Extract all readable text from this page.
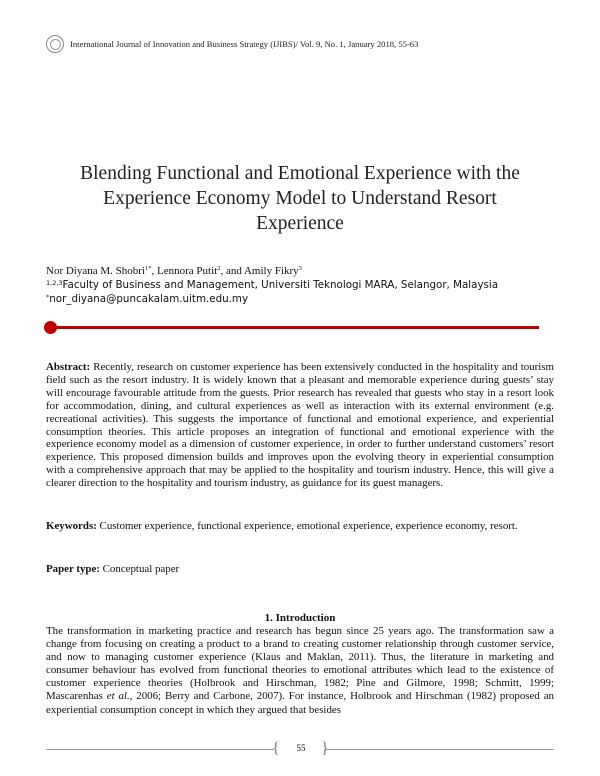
International Journal of Innovation and Business Strategy (IJIBS)/ Vol. 9, No. 1, January 2018, 55-63
Blending Functional and Emotional Experience with the
Experience Economy Model to Understand Resort
Experience
Nor Diyana M. Shobri$^{1*}$, Lennora Putit$^2$, and Amily Fikry$^3$
$^{1,2,3}$Faculty of Business and Management, Universiti Teknologi MARA, Selangor, Malaysia
*nor_diyana@puncakalam.uitm.edu.my
Abstract: Recently, research on customer experience has been extensively conducted in the hospitality and tourism field such as the resort industry. It is widely known that a pleasant and memorable experience during guests’ stay will encourage favourable attitude from the guests. Prior research has revealed that guests who stay in a resort look for accommodation, dining, and cultural experiences as well as interaction with its external environment (e.g. recreational activities). This suggests the importance of functional and emotional experience, and experiential consumption theories. This article proposes an integration of functional and emotional experience with the experience economy model as a dimension of customer experience, in order to further understand customers’ resort experience. This proposed dimension builds and improves upon the evolving theory in experiential consumption with a comprehensive approach that may be applied to the hospitality and tourism industry. Hence, this will give a clearer direction to the hospitality and tourism industry, as guidance for its guest managers.
Keywords: Customer experience, functional experience, emotional experience, experience economy, resort.
Paper type: Conceptual paper
1. Introduction
The transformation in marketing practice and research has begun since 25 years ago. The transformation saw a change from focusing on creating a product to a brand to creating customer relationship through customer service, and now to managing customer experience (Klaus and Maklan, 2011). Thus, the literature in marketing and consumer behaviour has evolved from functional theories to emotional attributes which lead to the existence of customer experience theories (Holbrook and Hirschman, 1982; Pine and Gilmore, 1998; Schmitt, 1999; Mascarenhas et al., 2006; Berry and Carbone, 2007). For instance, Holbrook and Hirschman (1982) proposed an experiential consumption concept in which they argued that besides
{	55 }
